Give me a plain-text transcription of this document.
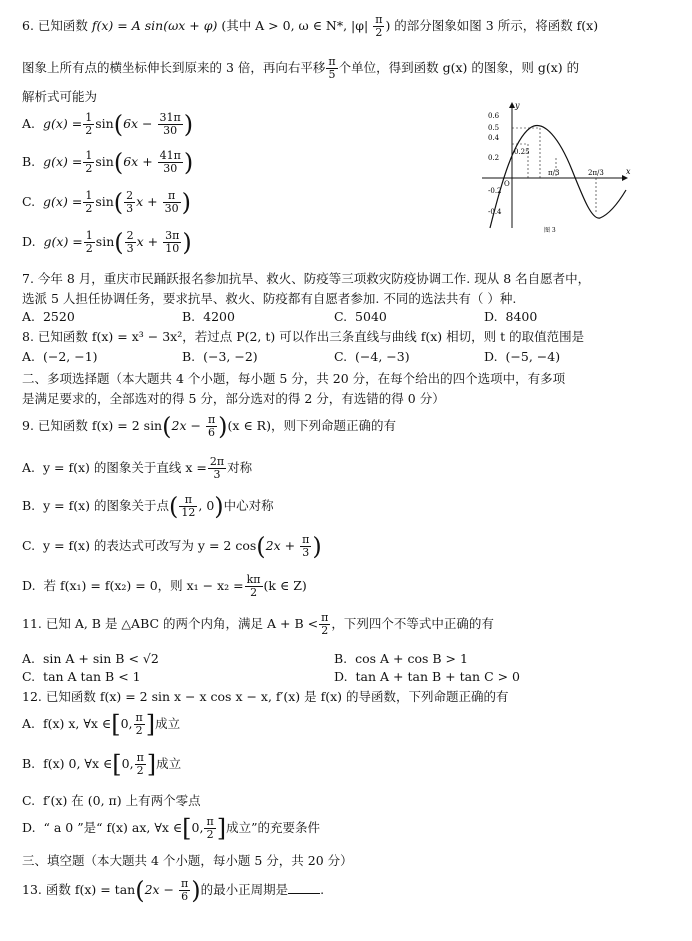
6. 已知函数 f(x) = A sin(ωx + φ) (其中 A > 0, ω ∈ N*, $|\varphi| \frac{\pi}{2}$ ) 的部分图象如图 3 所示，将函数 f(x)
图象上所有点的横坐标伸长到原来的 3 倍，再向右平移 $\frac{\pi}{5}$ 个单位，得到函数 g(x) 的图象，则 g(x) 的
解析式可能为
A. $g(x) = \frac{1}{2} \sin(6x - \frac{31\pi}{30}$ )
B. $g(x) = \frac{1}{2} \sin(6x + \frac{41\pi}{30}$ )
C. $g(x) = \frac{1}{2} \sin( \frac{2}{3}$ $x + \frac{\pi}{30}$ )
D. $g(x) = \frac{1}{2} \sin( \frac{2}{3}$ $x + \frac{3\pi}{10}$ )
x
y
O
0.6
0.5
0.4
0.25
0.2
-0.2
-0.4
π/3	2π/3
图 3
7. 今年 8 月，重庆市民踊跃报名参加抗旱、救火、防疫等三项救灾防疫协调工作. 现从 8 名自愿者中，
选派 5 人担任协调任务，要求抗旱、救火、防疫都有自愿者参加. 不同的选法共有（ ）种.
A. 2520	B. 4200	C. 5040	D. 8400
8. 已知函数 f(x) = x³ − 3x²，若过点 P(2, t) 可以作出三条直线与曲线 f(x) 相切，则 t 的取值范围是
A. (−2, −1)	B. (−3, −2)	C. (−4, −3)	D. (−5, −4)
二、多项选择题（本大题共 4 个小题，每小题 5 分，共 20 分，在每个给出的四个选项中，有多项
是满足要求的，全部选对的得 5 分，部分选对的得 2 分，有选错的得 0 分）
9. 已知函数 f(x) = 2 $\sin(2x - \frac{\pi}{6} )(x$ ∈ R)，则下列命题正确的有
A. y = f(x) 的图象关于直线 $x = \frac{2\pi}{3}$ 对称
B. y = f(x) 的图象关于点( $\frac{\pi}{12}$ , 0)中心对称
C. y = f(x) 的表达式可改写为 y = 2 $\cos(2x + \frac{\pi}{3}$ )
D. 若 f(x₁) = f(x₂) = 0，则 $x_1 - x_2 = \frac{k\pi}{2} (k$ ∈ Z)
11. 已知 A, B 是 △ABC 的两个内角，满足 $A + B < \frac{\pi}{2}$ ，下列四个不等式中正确的有
A. sin A + sin B < √2	B. cos A + cos B > 1
C. tan A tan B < 1	D. tan A + tan B + tan C > 0
12. 已知函数 f(x) = 2 sin x − x cos x − x, f′(x) 是 f(x) 的导函数，下列命题正确的有
A. f(x) x, ∀x ∈[0, $\frac{\pi}{2}$ ]成立
B. f(x) 0, ∀x ∈[0, $\frac{\pi}{2}$ ]成立
C. f′(x) 在 (0, π) 上有两个零点
D. “ a 0 ”是“ f(x) ax, ∀x ∈[0, $\frac{\pi}{2}$ ]成立”的充要条件
三、填空题（本大题共 4 个小题，每小题 5 分，共 20 分）
13. 函数 $f(x) = \tan(2x - \frac{\pi}{6}$ )的最小正周期是	.
